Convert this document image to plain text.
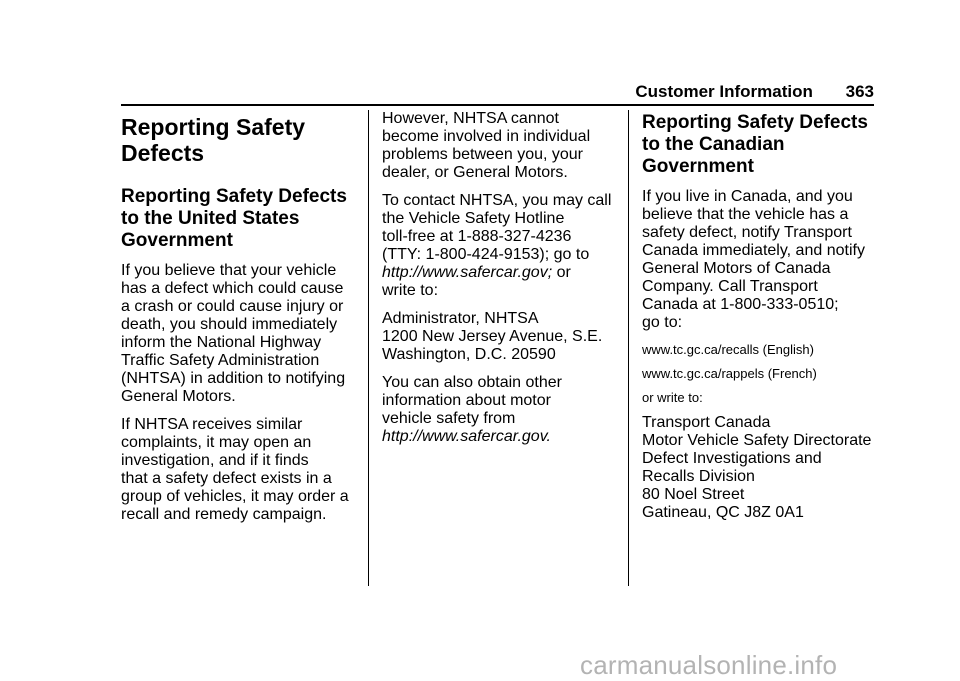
Customer Information 363
Reporting Safety
Defects
Reporting Safety Defects
to the United States
Government

If you believe that your vehicle
has a defect which could cause
a crash or could cause injury or
death, you should immediately
inform the National Highway
Traffic Safety Administration
(NHTSA) in addition to notifying
General Motors.

If NHTSA receives similar
complaints, it may open an
investigation, and if it finds
that a safety defect exists in a
group of vehicles, it may order a
recall and remedy campaign.

However, NHTSA cannot
become involved in individual
problems between you, your
dealer, or General Motors.

To contact NHTSA, you may call
the Vehicle Safety Hotline
toll-free at 1-888-327-4236
(TTY: 1-800-424-9153); go to
http://www.safercar.gov; or
write to:

Administrator, NHTSA
1200 New Jersey Avenue, S.E.
Washington, D.C. 20590

You can also obtain other
information about motor
vehicle safety from
http://www.safercar.gov.

Reporting Safety Defects
to the Canadian
Government

If you live in Canada, and you
believe that the vehicle has a
safety defect, notify Transport
Canada immediately, and notify
General Motors of Canada
Company. Call Transport
Canada at 1-800-333-0510;
go to:

www.tc.gc.ca/recalls (English)

www.tc.gc.ca/rappels (French)

or write to:

Transport Canada
Motor Vehicle Safety Directorate
Defect Investigations and
Recalls Division
80 Noel Street
Gatineau, QC J8Z 0A1

carmanualsonline.info
